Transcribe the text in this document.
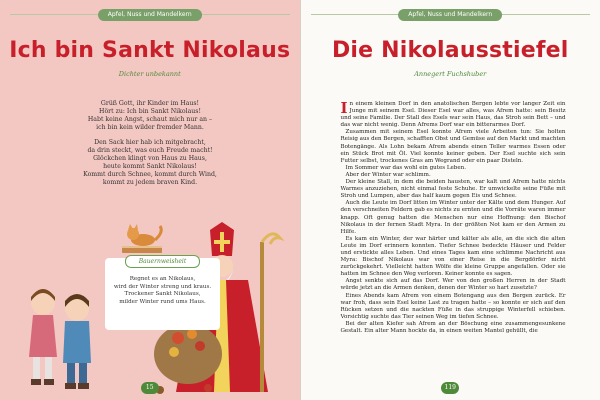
Apfel, Nuss und Mandelkern
Ich bin Sankt Nikolaus
Dichter unbekannt
Grüß Gott, ihr Kinder im Haus!
Hört zu: Ich bin Sankt Nikolaus!
Habt keine Angst, schaut mich nur an –
ich bin kein wilder fremder Mann.
Den Sack hier hab ich mitgebracht,
da drin steckt, was euch Freude macht!
Glöckchen klingt von Haus zu Haus,
heute kommt Sankt Nikolaus!
Kommt durch Schnee, kommt durch Wind,
kommt zu jedem braven Kind.
Bauernweisheit
Regnet es an Nikolaus,
wird der Winter streng und kraus.
Trockener Sankt Nikolaus,
milder Winter rund ums Haus.
15
Apfel, Nuss und Mandelkern
Die Nikolausstiefel
Annegert Fuchshuber

In einem kleinen Dorf in den anatolischen Bergen lebte vor langer Zeit ein Junge mit seinem Esel. Dieser Esel war alles, was Afrem hatte: sein Besitz und seine Familie. Der Stall des Esels war sein Haus, das Stroh sein Bett – und das war nicht wenig. Denn Afrems Dorf war ein bitterarmes Dorf.

Zusammen mit seinem Esel konnte Afrem viele Arbeiten tun: Sie holten Reisig aus den Bergen, schafften Obst und Gemüse auf den Markt und machten Botengänge. Als Lohn bekam Afrem abends einen Teller warmes Essen oder ein Stück Brot mit Öl. Viel konnte keiner geben. Der Esel suchte sich sein Futter selbst, trockenes Gras am Wegrand oder ein paar Disteln.

Im Sommer war das wohl ein gutes Leben.

Aber der Winter war schlimm.

Der kleine Stall, in dem die beiden hausten, war kalt und Afrem hatte nichts Warmes anzuziehen, nicht einmal feste Schuhe. Er umwickelte seine Füße mit Stroh und Lumpen, aber das half kaum gegen Eis und Schnee.

Auch die Leute im Dorf litten im Winter unter der Kälte und dem Hunger. Auf den verschneiten Feldern gab es nichts zu ernten und die Vorräte waren immer knapp. Oft genug hatten die Menschen nur eine Hoffnung: den Bischof Nikolaus in der fernen Stadt Myra. In der größten Not kam er den Armen zu Hilfe.

Es kam ein Winter, der war härter und kälter als alle, an die sich die alten Leute im Dorf erinnern konnten. Tiefer Schnee bedeckte Häuser und Felder und erstickte alles Leben. Und eines Tages kam eine schlimme Nachricht aus Myra: Bischof Nikolaus war von einer Reise in die Bergdörfer nicht zurückgekehrt. Vielleicht hatten Wölfe die kleine Gruppe angefallen. Oder sie hatten im Schnee den Weg verloren. Keiner konnte es sagen.

Angst senkte sich auf das Dorf. Wer von den großen Herren in der Stadt würde jetzt an die Armen denken, denen der Winter so hart zusetzte?

Eines Abends kam Afrem von einem Botengang aus den Bergen zurück. Er war froh, dass sein Esel keine Last zu tragen hatte – so konnte er sich auf den Rücken setzen und die nackten Füße in das struppige Winterfell schieben. Vorsichtig suchte das Tier seinen Weg im tiefen Schnee.

Bei der alten Kiefer sah Afrem an der Böschung eine zusammengesunkene Gestalt. Ein alter Mann hockte da, in einen weiten Mantel gehüllt, die

119
